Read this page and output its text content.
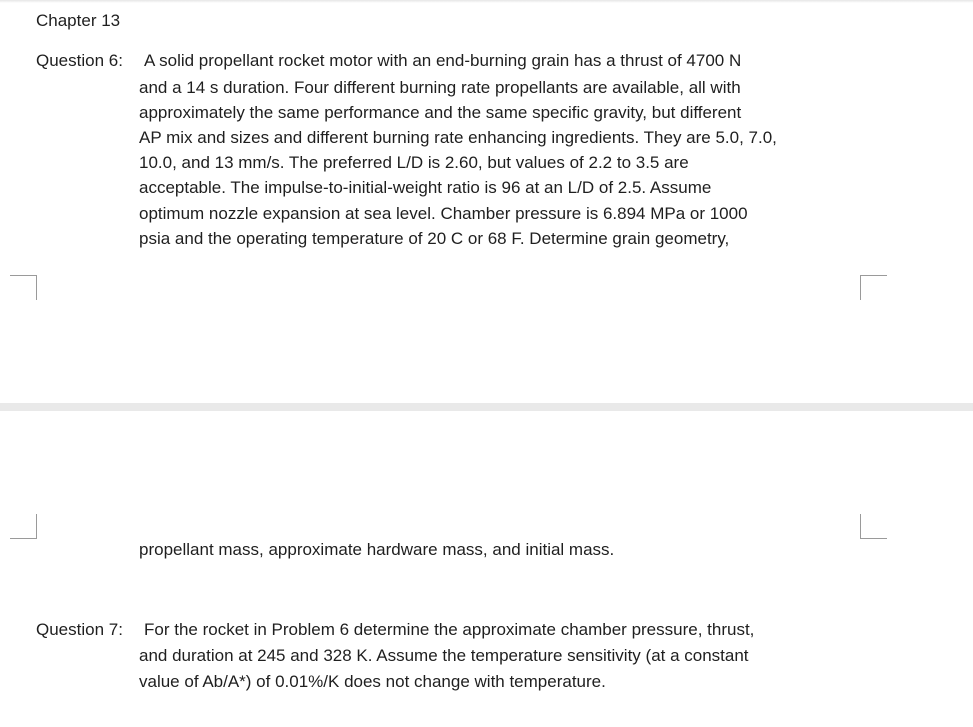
Chapter 13
Question 6: A solid propellant rocket motor with an end-burning grain has a thrust of 4700 N
and a 14 s duration. Four different burning rate propellants are available, all with
approximately the same performance and the same specific gravity, but different
AP mix and sizes and different burning rate enhancing ingredients. They are 5.0, 7.0,
10.0, and 13 mm/s. The preferred L/D is 2.60, but values of 2.2 to 3.5 are
acceptable. The impulse-to-initial-weight ratio is 96 at an L/D of 2.5. Assume
optimum nozzle expansion at sea level. Chamber pressure is 6.894 MPa or 1000
psia and the operating temperature of 20 C or 68 F. Determine grain geometry,
propellant mass, approximate hardware mass, and initial mass.
Question 7: For the rocket in Problem 6 determine the approximate chamber pressure, thrust,
and duration at 245 and 328 K. Assume the temperature sensitivity (at a constant
value of Ab/A*) of 0.01%/K does not change with temperature.
